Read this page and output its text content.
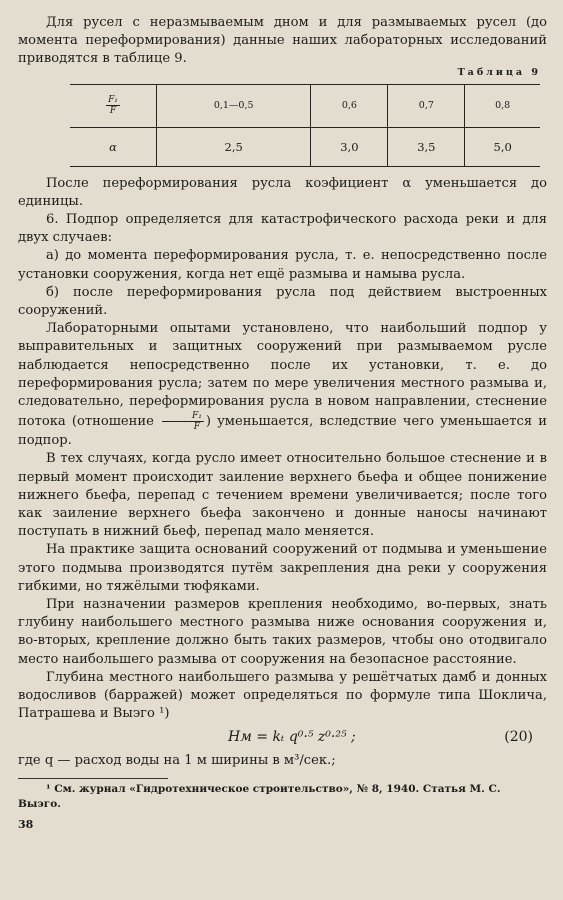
Для русел с неразмываемым дном и для размываемых русел (до момента переформирования) данные наших лабораторных исследований приводятся в таблице 9.

Таблица 9
$\frac{\text{F₁}}{F}$	0,1—0,5	0,6	0,7	0,8
α	2,5	3,0	3,5	5,0

После переформирования русла коэфициент α уменьшается до единицы.

6. Подпор определяется для катастрофического расхода реки и для двух случаев:

а) до момента переформирования русла, т. е. непосредственно после установки сооружения, когда нет ещё размыва и намыва русла.

б) после переформирования русла под действием выстроенных сооружений.

Лабораторными опытами установлено, что наибольший подпор у выправительных и защитных сооружений при размываемом русле наблюдается непосредственно после их установки, т. е. до переформирования русла; затем по мере увеличения местного размыва и, следовательно, переформирования русла в новом направлении, стеснение потока (отношение $\frac{\text{F₁}}{F}$ ) уменьшается, вследствие чего уменьшается и подпор.

В тех случаях, когда русло имеет относительно большое стеснение и в первый момент происходит заиление верхнего бьефа и общее понижение нижнего бьефа, перепад с течением времени увеличивается; после того как заиление верхнего бьефа закончено и донные наносы начинают поступать в нижний бьеф, перепад мало меняется.

На практике защита оснований сооружений от подмыва и уменьшение этого подмыва производятся путём закрепления дна реки у сооружения гибкими, но тяжёлыми тюфяками.

При назначении размеров крепления необходимо, во-первых, знать глубину наибольшего местного размыва ниже основания сооружения и, во-вторых, крепление должно быть таких размеров, чтобы оно отодвигало место наибольшего размыва от сооружения на безопасное расстояние.

Глубина местного наибольшего размыва у решётчатых дамб и донных водосливов (барражей) может определяться по формуле типа Шоклича, Патрашева и Выэго ¹)

Hм = kₜ q⁰·⁵ z⁰·²⁵ ;	(20)

где q — расход воды на 1 м ширины в м³/сек.;

¹ См. журнал «Гидротехническое строительство», № 8, 1940. Статья М. С. Выэго.

38
